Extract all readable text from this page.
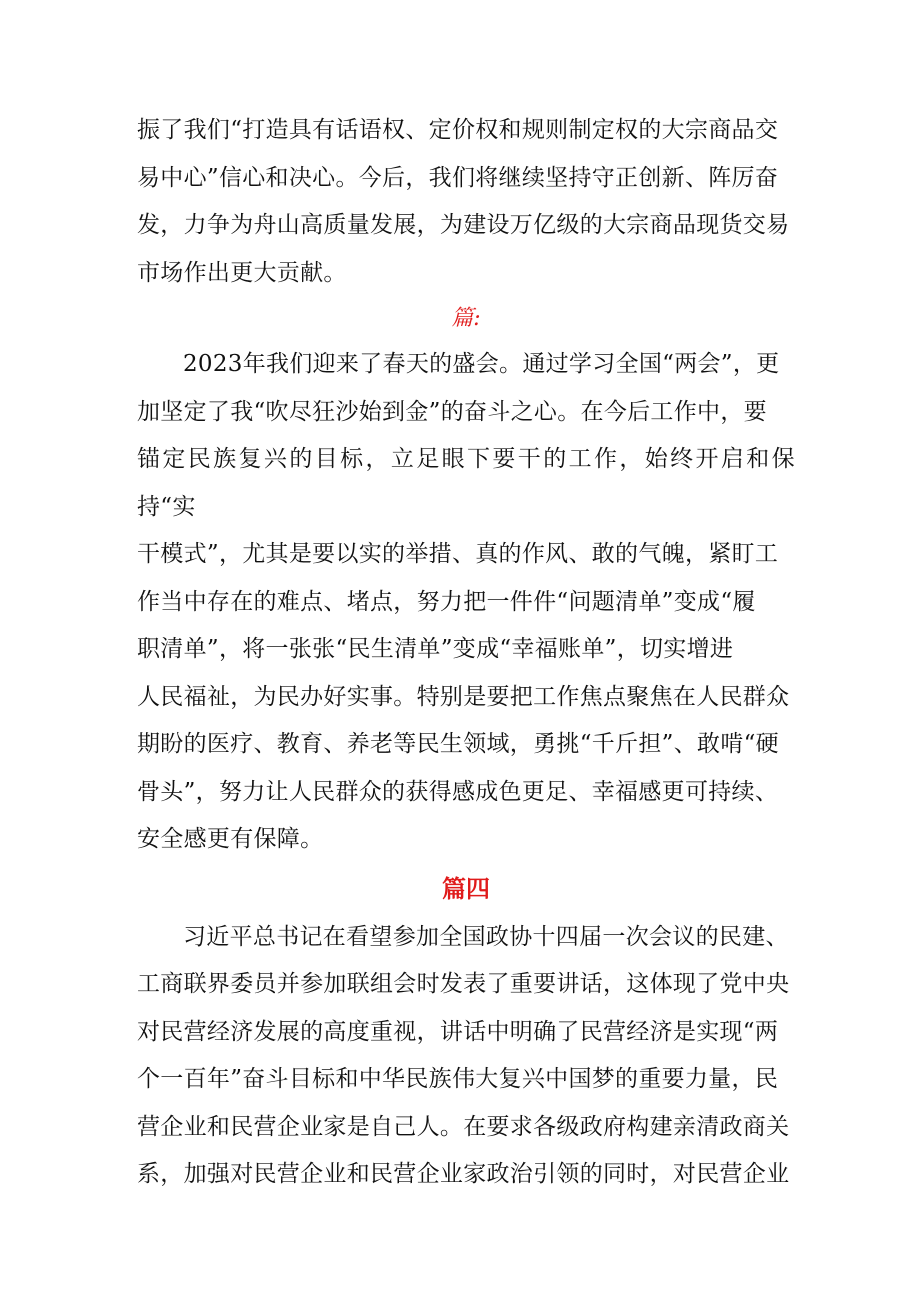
振了我们“打造具有话语权、定价权和规则制定权的大宗商品交
易中心”信心和决心。今后，我们将继续坚持守正创新、阵厉奋
发，力争为舟山高质量发展，为建设万亿级的大宗商品现货交易
市场作出更大贡献。
篇:
2023年我们迎来了春天的盛会。通过学习全国“两会”，更
加坚定了我“吹尽狂沙始到金”的奋斗之心。在今后工作中，要
锚定民族复兴的目标，立足眼下要干的工作，始终开启和保持“实
干模式”，尤其是要以实的举措、真的作风、敢的气魄，紧盯工
作当中存在的难点、堵点，努力把一件件“问题清单”变成“履
职清单”，将一张张“民生清单”变成“幸福账单”，切实增进
人民福祉，为民办好实事。特别是要把工作焦点聚焦在人民群众
期盼的医疗、教育、养老等民生领域，勇挑“千斤担”、敢啃“硬
骨头”，努力让人民群众的获得感成色更足、幸福感更可持续、
安全感更有保障。
篇四
习近平总书记在看望参加全国政协十四届一次会议的民建、
工商联界委员并参加联组会时发表了重要讲话，这体现了党中央
对民营经济发展的高度重视，讲话中明确了民营经济是实现“两
个一百年”奋斗目标和中华民族伟大复兴中国梦的重要力量，民
营企业和民营企业家是自己人。在要求各级政府构建亲清政商关
系，加强对民营企业和民营企业家政治引领的同时，对民营企业
